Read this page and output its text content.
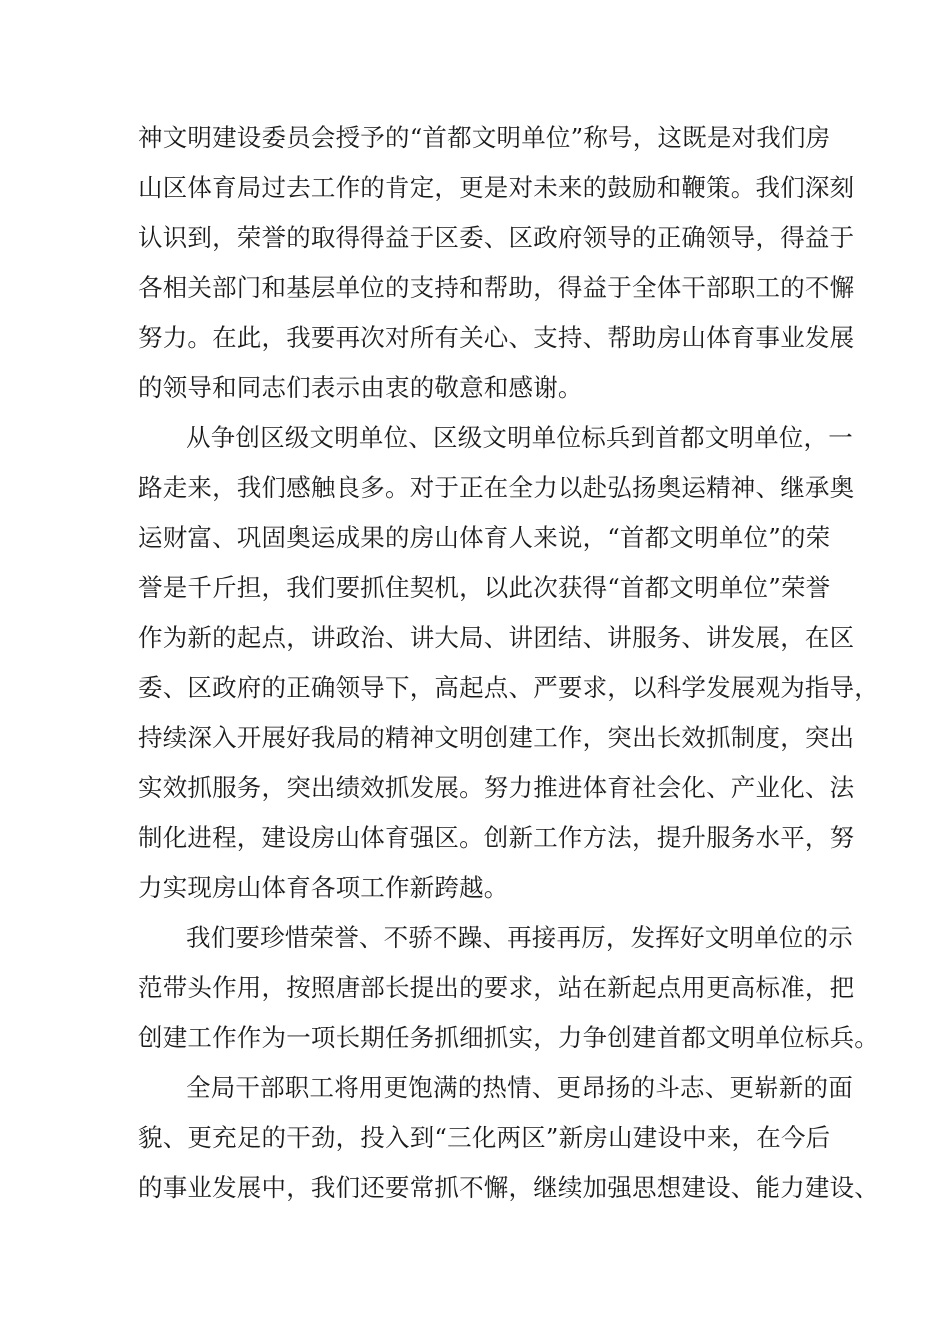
神文明建设委员会授予的“首都文明单位”称号，这既是对我们房
山区体育局过去工作的肯定，更是对未来的鼓励和鞭策。我们深刻
认识到，荣誉的取得得益于区委、区政府领导的正确领导，得益于
各相关部门和基层单位的支持和帮助，得益于全体干部职工的不懈
努力。在此，我要再次对所有关心、支持、帮助房山体育事业发展
的领导和同志们表示由衷的敬意和感谢。
从争创区级文明单位、区级文明单位标兵到首都文明单位，一
路走来，我们感触良多。对于正在全力以赴弘扬奥运精神、继承奥
运财富、巩固奥运成果的房山体育人来说，“首都文明单位”的荣
誉是千斤担，我们要抓住契机，以此次获得“首都文明单位”荣誉
作为新的起点，讲政治、讲大局、讲团结、讲服务、讲发展，在区
委、区政府的正确领导下，高起点、严要求，以科学发展观为指导，
持续深入开展好我局的精神文明创建工作，突出长效抓制度，突出
实效抓服务，突出绩效抓发展。努力推进体育社会化、产业化、法
制化进程，建设房山体育强区。创新工作方法，提升服务水平，努
力实现房山体育各项工作新跨越。
我们要珍惜荣誉、不骄不躁、再接再厉，发挥好文明单位的示
范带头作用，按照唐部长提出的要求，站在新起点用更高标准，把
创建工作作为一项长期任务抓细抓实，力争创建首都文明单位标兵。
全局干部职工将用更饱满的热情、更昂扬的斗志、更崭新的面
貌、更充足的干劲，投入到“三化两区”新房山建设中来，在今后
的事业发展中，我们还要常抓不懈，继续加强思想建设、能力建设、
